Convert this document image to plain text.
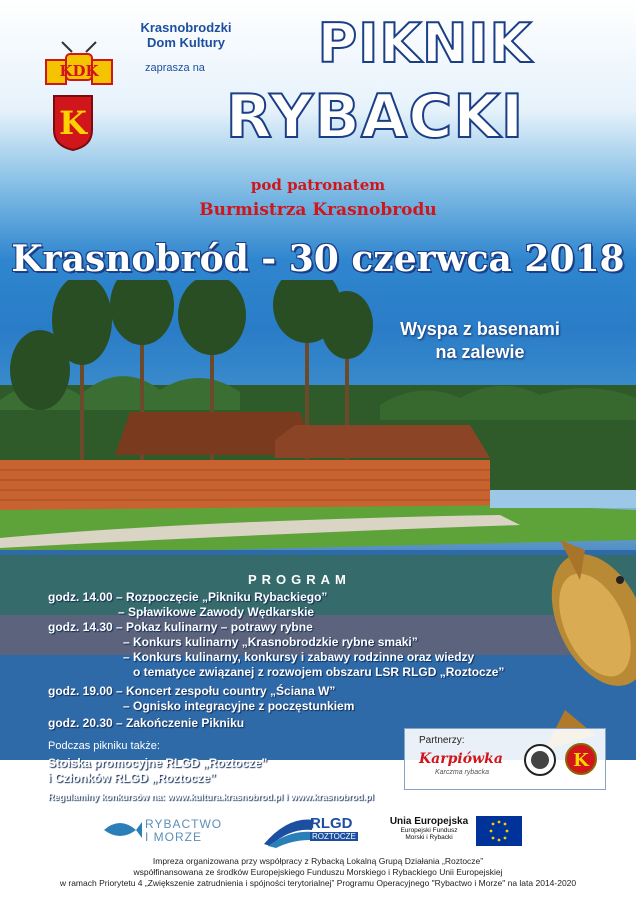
KDK
K
Krasnobrodzki
Dom Kultury
zaprasza na	PIKNIK
RYBACKI
pod patronatem
Burmistrza Krasnobrodu
Krasnobród - 30 czerwca 2018
Wyspa z basenami
na zalewie
PROGRAM
godz. 14.00 – Rozpoczęcie „Pikniku Rybackiego”
– Spławikowe Zawody Wędkarskie
godz. 14.30 – Pokaz kulinarny – potrawy rybne
– Konkurs kulinarny „Krasnobrodzkie rybne smaki”
– Konkurs kulinarny, konkursy i zabawy rodzinne oraz wiedzy
o tematyce związanej z rozwojem obszaru LSR RLGD „Roztocze”
godz. 19.00 – Koncert zespołu country „Ściana W”
– Ognisko integracyjne z poczęstunkiem
godz. 20.30 – Zakończenie Pikniku
Podczas pikniku także:
Stoiska promocyjne RLGD „Roztocze”
i Członków RLGD „Roztocze”
Regulaminy konkursów na: www.kultura.krasnobrod.pl i www.krasnobrod.pl
Partnerzy:
Karpiówka
Karczma rybacka
K
RYBACTWO
I MORZE
RLGD
ROZTOCZE
Unia Europejska
Europejski Fundusz
Morski i Rybacki
Impreza organizowana przy współpracy z Rybacką Lokalną Grupą Działania „Roztocze”
współfinansowana ze środków Europejskiego Funduszu Morskiego i Rybackiego Unii Europejskiej
w ramach Priorytetu 4 „Zwiększenie zatrudnienia i spójności terytorialnej” Programu Operacyjnego "Rybactwo i Morze" na lata 2014-2020
